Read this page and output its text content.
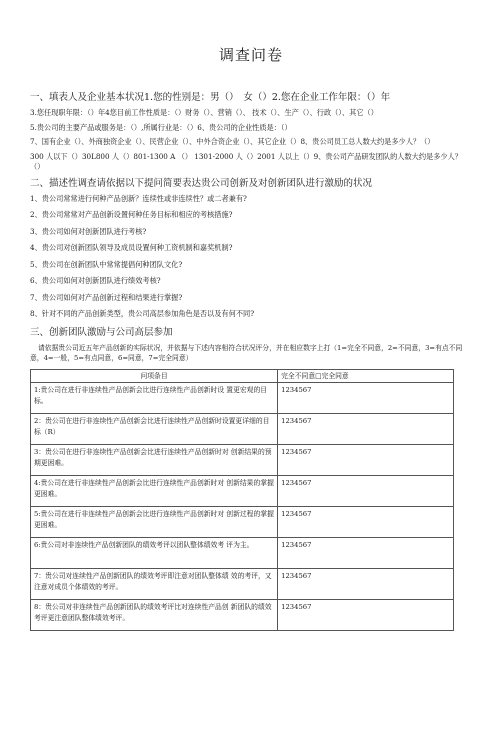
调查问卷
一、填表人及企业基本状况1.您的性别是：男（）　女（）2.您在企业工作年限：（）年
3.您任现职年限：（）年4您目前工作性质是：（）财务（）、营销（）、 技术（）、生产（）、行政（）、其它（）
5.贵公司的主要产品或服务是：（）,所属行业是：（）6、贵公司的企业性质是：（）
7、国有企业（）、外商独资企业（）、民营企业（）、中外合资企业（）、其它企业（）8、贵公司员工总人数大约是多少人？（）
300 人以下（）30L800 人（）801-1300 A （） 1301-2000 人（）2001 人以上（）9、贵公司产品研发团队的人数大约是多少人？（）
二、描述性调查请依据以下提问简要表达贵公司创新及对创新团队进行激励的状况
1、贵公司常常进行何种产品创新？连续性或非连续性？或二者兼有?
2、贵公司常常对产品创新设置何种任务目标和相应的考核措施?
3、贵公司如何对创新团队进行考核?
4、贵公司对创新团队领导及成员设置何种工资机制和嘉奖机制?
5、贵公司在创新团队中常常提倡何种团队文化?
6、贵公司如何对创新团队进行绩效考核?
7、贵公司如何对产品创新过程和结果进行掌握?
8、针对不同的产品创新类型，贵公司高层参加角色是否以及有何不同?
三、创新团队激励与公司高层参加
请依据贵公司近五年产品创新的实际状况，并依据与下述内容相符合状况评分，并在相应数字上打（1=完全不同意，2=不同意，3=有点不同意，4=一般，5=有点同意，6=同意，7=完全同意）
问项条目	完全不同意□完全同意
1:贵公司在进行非连续性产品创新会比进行连续性产品创新时设 置更宏观的目标。	1234567
2：贵公司在进行非连续性产品创新会比进行连续性产品创新时设置更详细的目标（R）	1234567
3：贵公司在进行非连续性产品创新会比进行连续性产品创新时对 创新结果的预期更困难。	1234567
4:贵公司在进行非连续性产品创新会比进行连续性产品创新时对 创新结果的掌握更困难。	1234567
5:贵公司在进行非连续性产品创新会比进行连续性产品创新时对 创新过程的掌握更困难。	1234567
6:贵公司对非连续性产品创新团队的绩效考评以团队整体绩效考 评为主。	1234567
7：贵公司对连续性产品创新团队的绩效考评即注意对团队整体绩 效的考评，又注意对成员个体绩效的考评。	1234567
8：贵公司对非连续性产品创新团队的绩效考评比对连续性产品创 新团队的绩效考评更注意团队整体绩效考评。	1234567
